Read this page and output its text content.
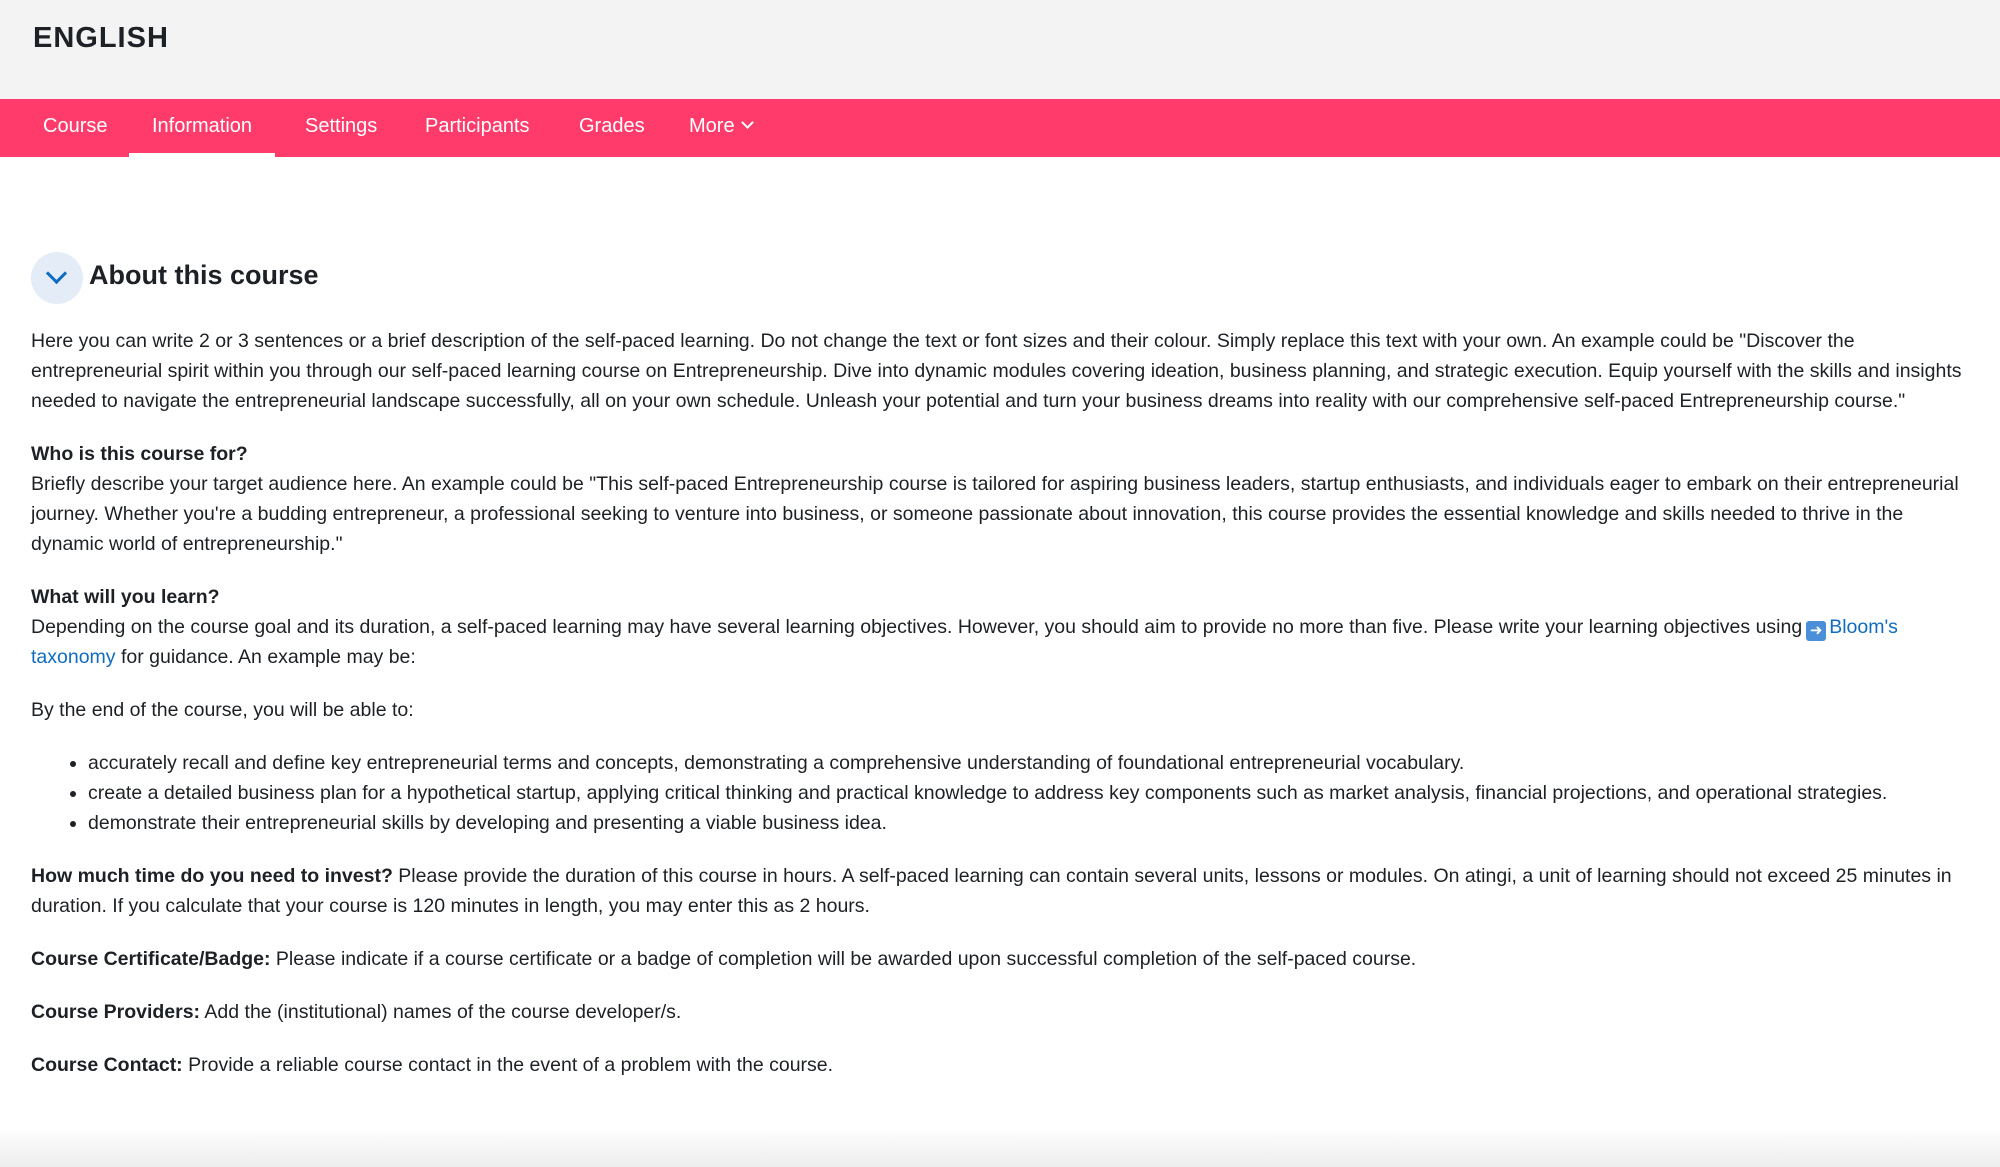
ENGLISH
Course Information	Settings Participants Grades More
About this course

Here you can write 2 or 3 sentences or a brief description of the self-paced learning. Do not change the text or font sizes and their colour. Simply replace this text with your own. An example could be "Discover the entrepreneurial spirit within you through our self-paced learning course on Entrepreneurship. Dive into dynamic modules covering ideation, business planning, and strategic execution. Equip yourself with the skills and insights needed to navigate the entrepreneurial landscape successfully, all on your own schedule. Unleash your potential and turn your business dreams into reality with our comprehensive self-paced Entrepreneurship course."

Who is this course for?
Briefly describe your target audience here. An example could be "This self-paced Entrepreneurship course is tailored for aspiring business leaders, startup enthusiasts, and individuals eager to embark on their entrepreneurial journey. Whether you're a budding entrepreneur, a professional seeking to venture into business, or someone passionate about innovation, this course provides the essential knowledge and skills needed to thrive in the dynamic world of entrepreneurship."

What will you learn?
Depending on the course goal and its duration, a self-paced learning may have several learning objectives. However, you should aim to provide no more than five. Please write your learning objectives using ➜ Bloom's taxonomy for guidance. An example may be:

By the end of the course, you will be able to:

• accurately recall and define key entrepreneurial terms and concepts, demonstrating a comprehensive understanding of foundational entrepreneurial vocabulary.
• create a detailed business plan for a hypothetical startup, applying critical thinking and practical knowledge to address key components such as market analysis, financial projections, and operational strategies.
• demonstrate their entrepreneurial skills by developing and presenting a viable business idea.

How much time do you need to invest? Please provide the duration of this course in hours. A self-paced learning can contain several units, lessons or modules. On atingi, a unit of learning should not exceed 25 minutes in duration. If you calculate that your course is 120 minutes in length, you may enter this as 2 hours.

Course Certificate/Badge: Please indicate if a course certificate or a badge of completion will be awarded upon successful completion of the self-paced course.

Course Providers: Add the (institutional) names of the course developer/s.

Course Contact: Provide a reliable course contact in the event of a problem with the course.
